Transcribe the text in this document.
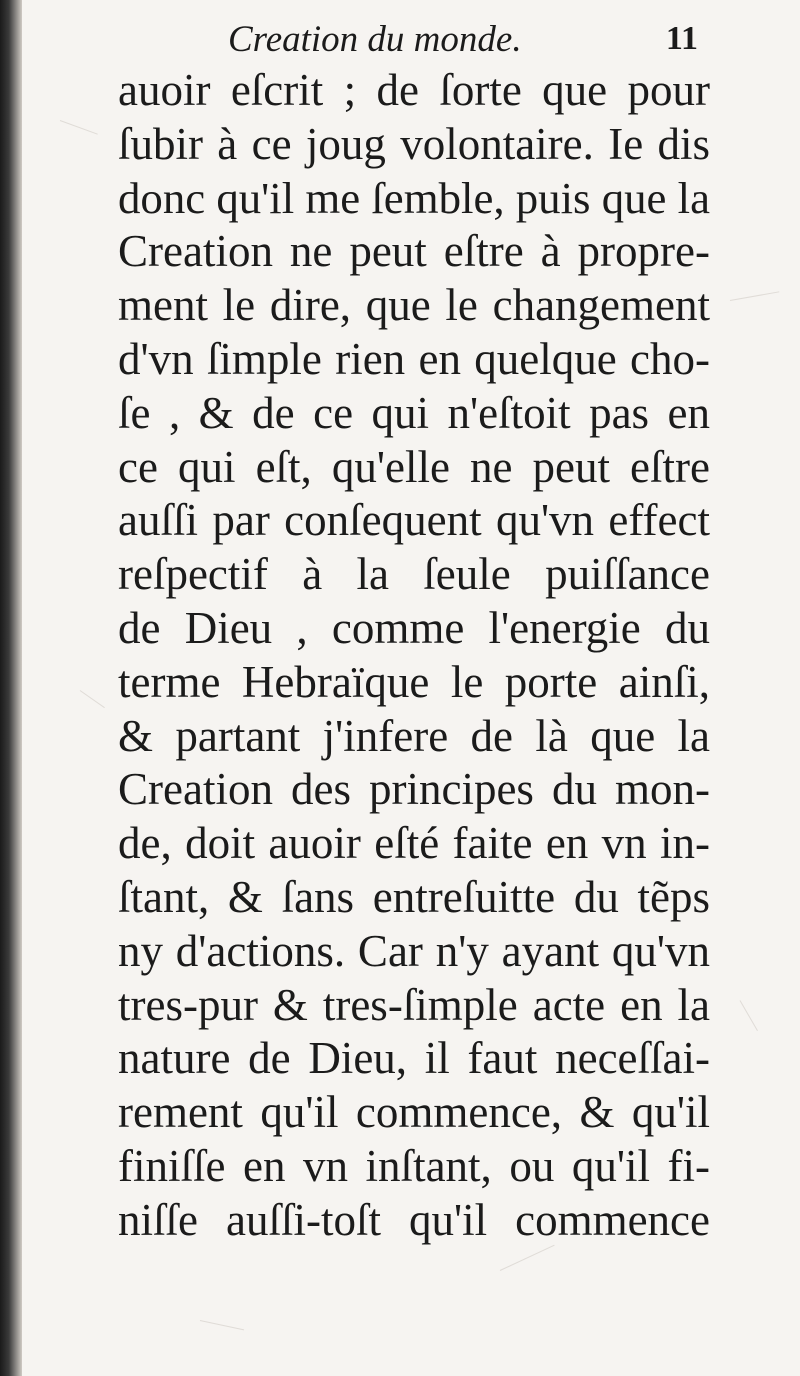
Creation du monde.	11
auoir eſcrit ; de ſorte que pour
ſubir à ce joug volontaire. Ie dis
donc qu'il me ſemble, puis que la
Creation ne peut eſtre à propre-
ment le dire, que le changement
d'vn ſimple rien en quelque cho-
ſe , & de ce qui n'eſtoit pas en
ce qui eſt, qu'elle ne peut eſtre
auſſi par conſequent qu'vn effect
reſpectif à la ſeule puiſſance
de Dieu , comme l'energie du
terme Hebraïque le porte ainſi,
& partant j'infere de là que la
Creation des principes du mon-
de, doit auoir eſté faite en vn in-
ſtant, & ſans entreſuitte du tẽps
ny d'actions. Car n'y ayant qu'vn
tres-pur & tres-ſimple acte en la
nature de Dieu, il faut neceſſai-
rement qu'il commence, & qu'il
finiſſe en vn inſtant, ou qu'il fi-
niſſe auſſi-toſt qu'il commence
